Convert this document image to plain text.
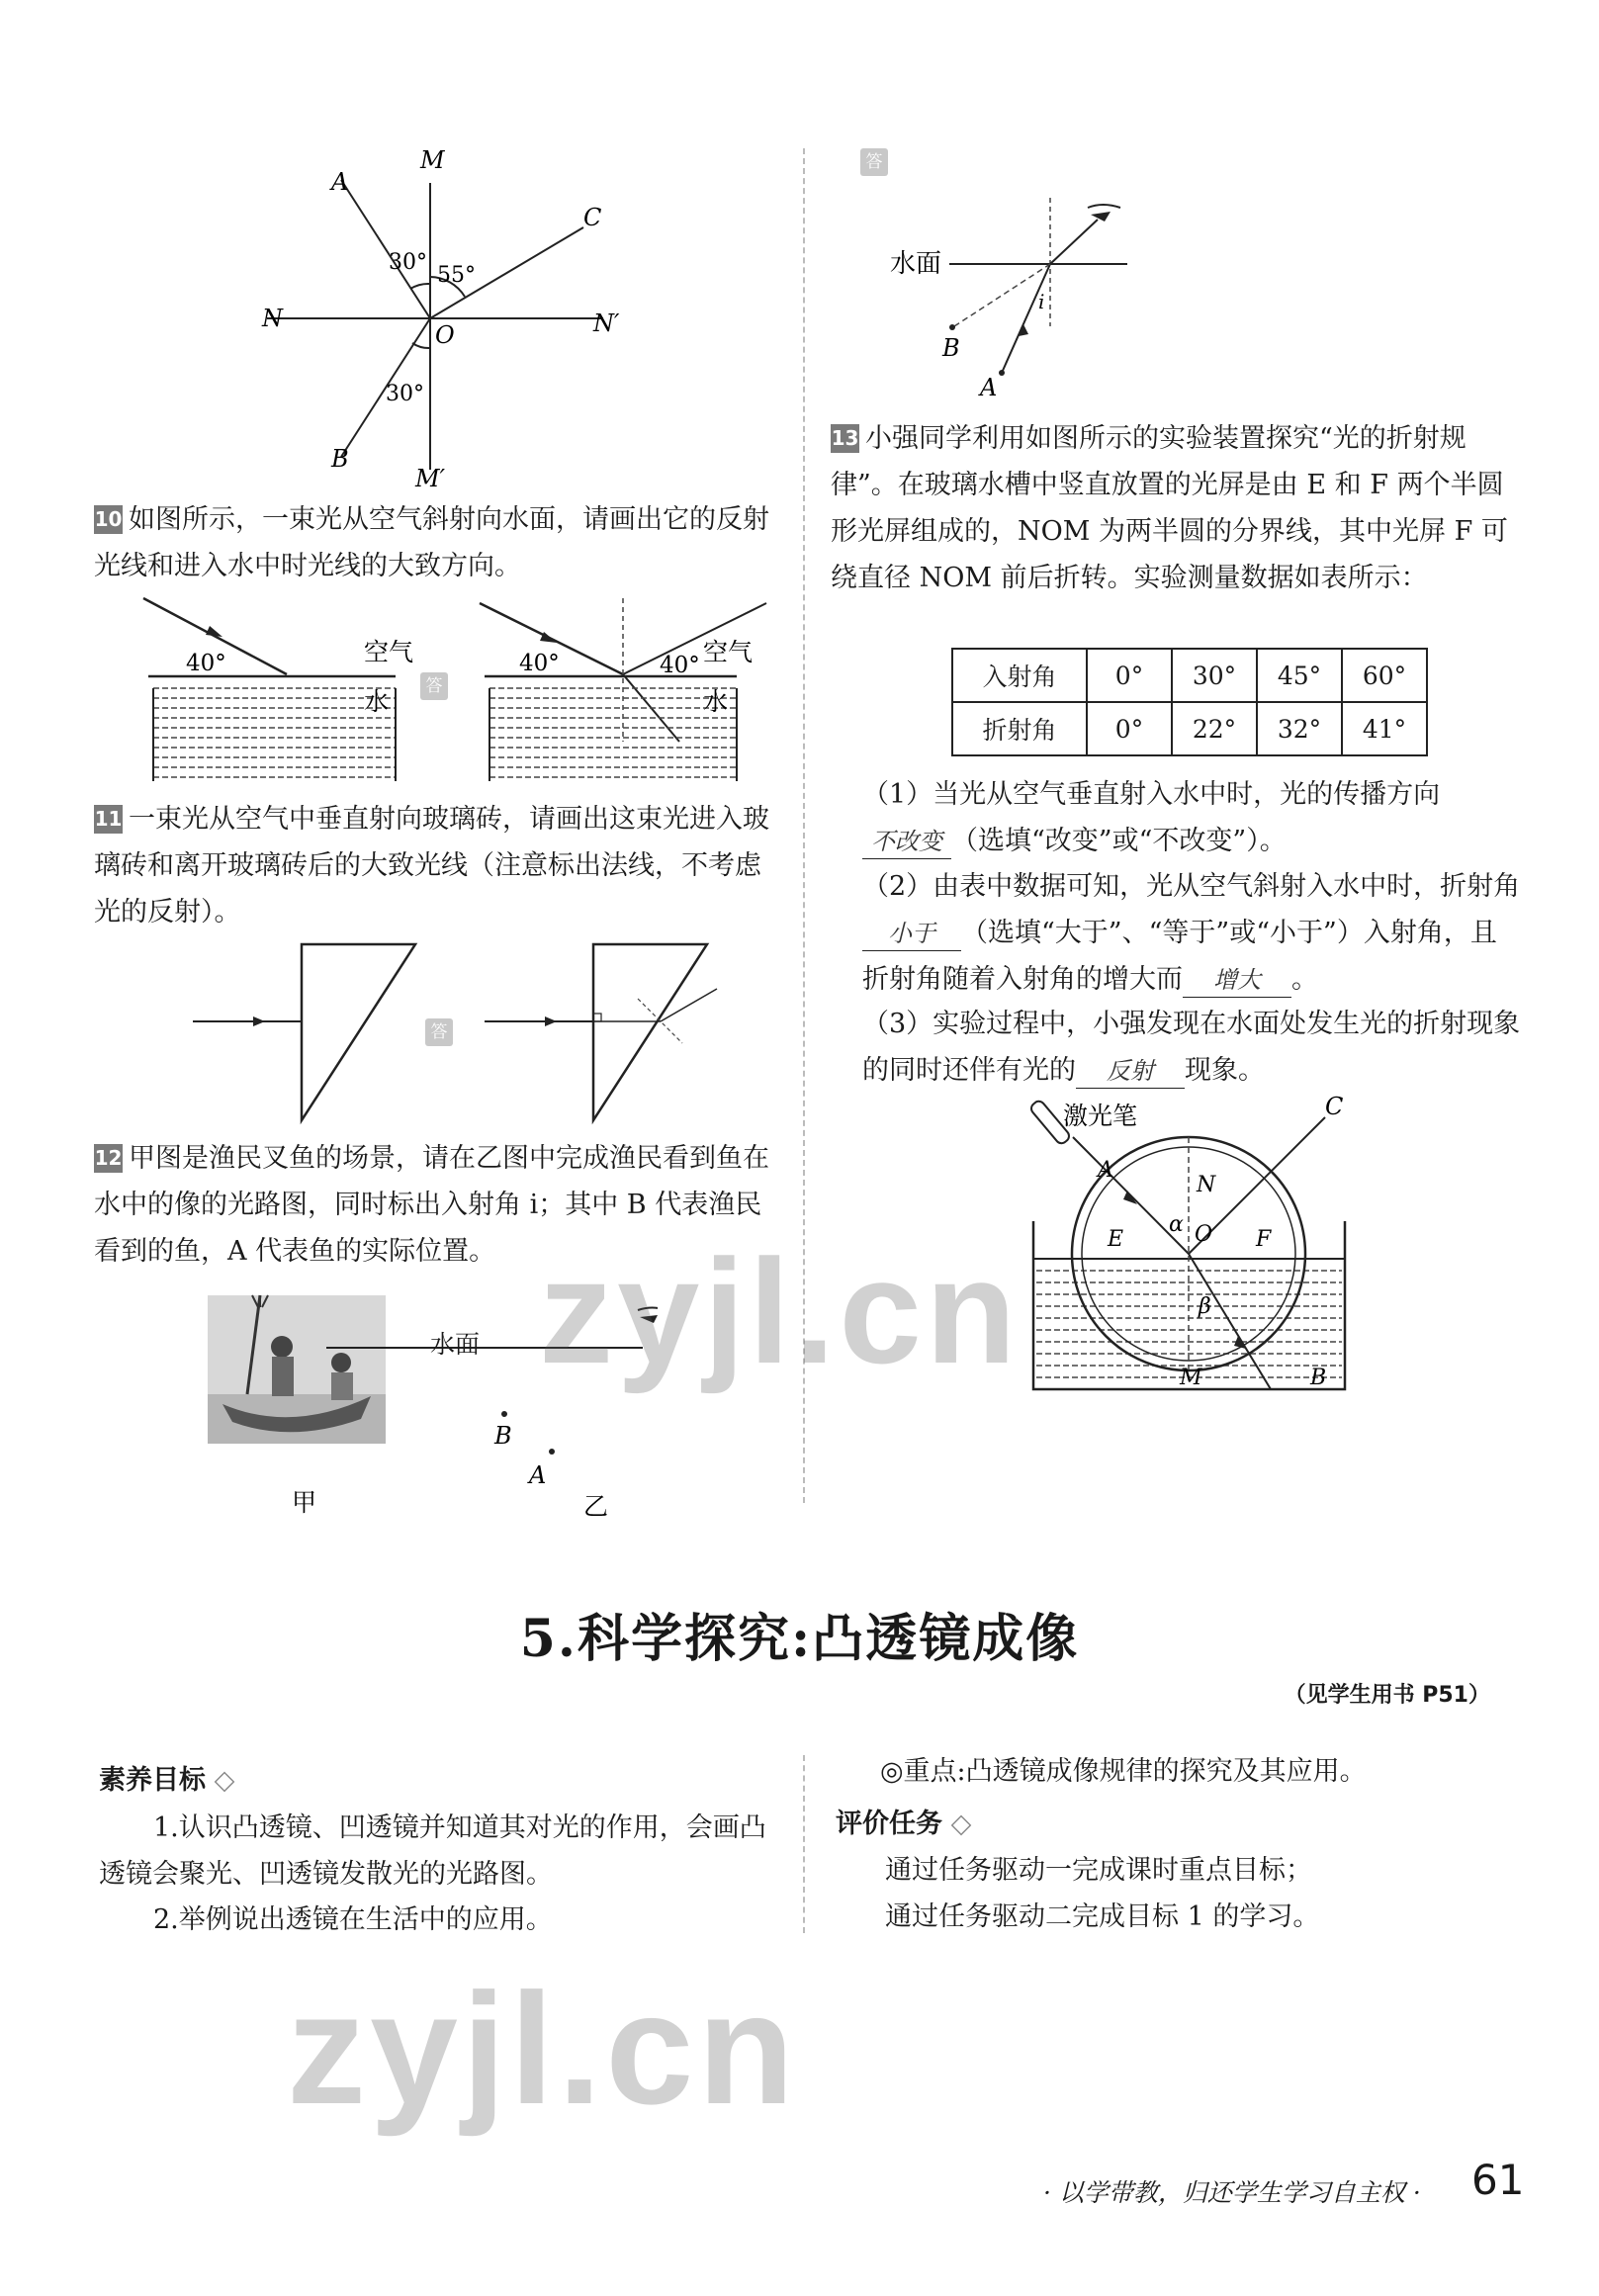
A
M
C
N
O	N′
B
M′
30°
55°
30°
10 如图所示，一束光从空气斜射向水面，请画出它的反射光线和进入水中时光线的大致方向。
40°	空气
水
答
40°	40° 空气
水
11 一束光从空气中垂直射向玻璃砖，请画出这束光进入玻璃砖和离开玻璃砖后的大致光线（注意标出法线，不考虑光的反射）。
答
12 甲图是渔民叉鱼的场景，请在乙图中完成渔民看到鱼在水中的像的光路图，同时标出入射角 i；其中 B 代表渔民看到的鱼，A 代表鱼的实际位置。
水面
B
A
甲	乙
答
水面
i
B
A
13 小强同学利用如图所示的实验装置探究“光的折射规律”。在玻璃水槽中竖直放置的光屏是由 E 和 F 两个半圆形光屏组成的，NOM 为两半圆的分界线，其中光屏 F 可绕直径 NOM 前后折转。实验测量数据如表所示：
入射角	0°	30°	45°	60°
折射角	0°	22°	32°	41°
（1）当光从空气垂直射入水中时，光的传播方向不改变 （选填“改变”或“不改变”）。
（2）由表中数据可知，光从空气斜射入水中时，折射角小于 （选填“大于”、“等于”或“小于”）入射角，且折射角随着入射角的增大而 增大 。
（3）实验过程中，小强发现在水面处发生光的折射现象的同时还伴有光的 反射 现象。
激光笔
A
C
N
O
E	F
α
β
M	B
5.科学探究:凸透镜成像
（见学生用书 P51）
素养目标 ◇
1.认识凸透镜、凹透镜并知道其对光的作用，会画凸透镜会聚光、凹透镜发散光的光路图。
2.举例说出透镜在生活中的应用。
◎重点:凸透镜成像规律的探究及其应用。
评价任务 ◇
通过任务驱动一完成课时重点目标；
通过任务驱动二完成目标 1 的学习。
zyjl.cn
zyjl.cn
· 以学带教，归还学生学习自主权 · 61
